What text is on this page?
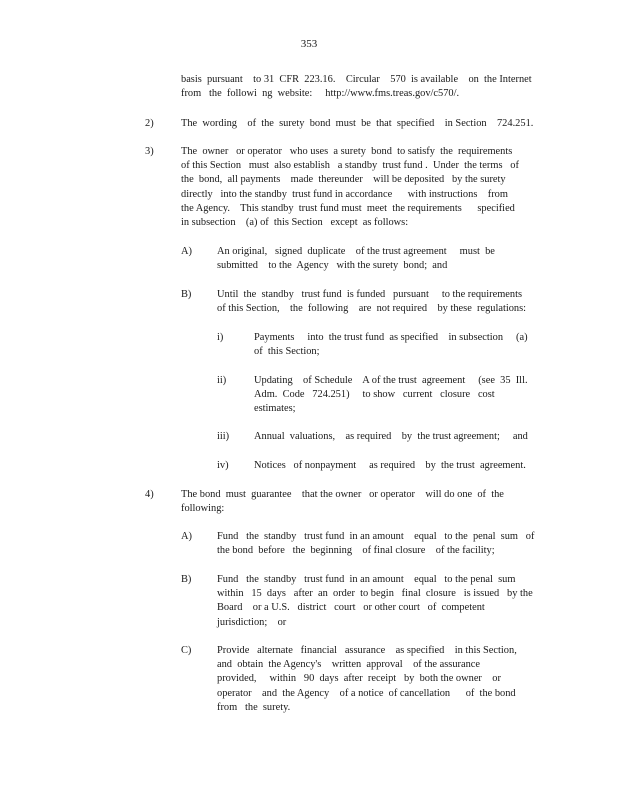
353
basis  pursuant    to 31  CFR  223.16.    Circular    570  is available    on  the Internet
from   the  followi  ng  website:     http://www.fms.treas.gov/c570/.
2)	The  wording    of  the  surety  bond  must  be  that  specified    in Section    724.251.
3)	The  owner   or operator   who uses  a surety  bond  to satisfy  the  requirements
of this Section   must  also establish   a standby  trust fund .  Under  the terms   of
the  bond,  all payments    made  thereunder    will be deposited   by the surety
directly   into the standby  trust fund in accordance      with instructions    from
the Agency.    This standby  trust fund must  meet  the requirements      specified
in subsection    (a) of  this Section   except  as follows:
A) An original,   signed  duplicate    of the trust agreement     must  be
submitted    to the  Agency   with the surety  bond;  and
B) Until  the  standby   trust fund  is funded   pursuant     to the requirements
of this Section,    the  following    are  not required    by these  regulations:
i)	Payments     into  the trust fund  as specified    in subsection     (a)
of  this Section;
ii)	Updating    of Schedule    A of the trust  agreement     (see  35  Ill.
Adm.  Code   724.251)     to show   current   closure   cost
estimates;
iii) Annual  valuations,    as required    by  the trust agreement;     and
iv) Notices   of nonpayment     as required    by  the trust  agreement.
4)	The bond  must  guarantee    that the owner   or operator    will do one  of  the
following:
A) Fund   the  standby   trust fund  in an amount    equal   to the  penal  sum   of
the bond  before   the  beginning    of final closure    of the facility;
B) Fund   the  standby   trust fund  in an amount    equal   to the penal  sum
within   15  days   after  an  order  to begin   final  closure   is issued   by the
Board    or a U.S.   district   court   or other court   of  competent
jurisdiction;    or
C) Provide   alternate   financial   assurance    as specified    in this Section,
and  obtain  the Agency's    written  approval    of the assurance
provided,     within   90  days  after  receipt   by  both the owner    or
operator    and  the Agency    of a notice  of cancellation      of  the bond
from   the  surety.
